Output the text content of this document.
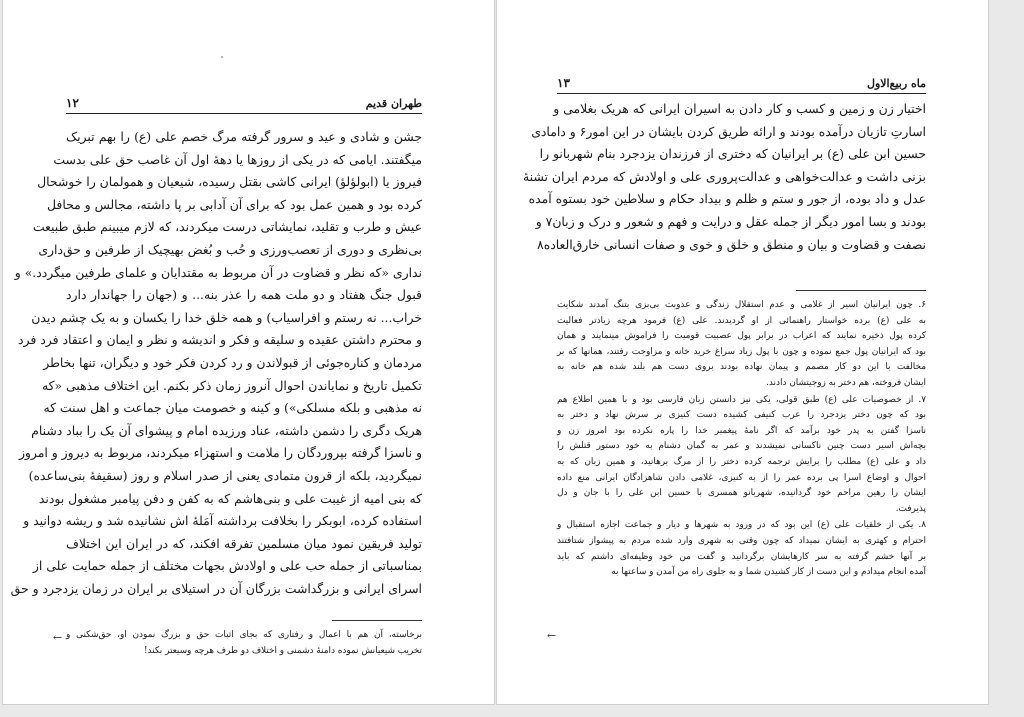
طهران قدیم
۱۲
جشن و شادی و عید و سرور گرفته مرگ خصم علی (ع) را بهم تبریک
میگفتند. ایامی که در یکی از روزها یا دههٔ اول آن غاصب حق علی بدست
فیروز یا (ابولؤلؤ) ایرانی کاشی بقتل رسیده، شیعیان و همولمان را خوشحال
کرده بود و همین عمل بود که برای آن آدابی بر پا داشته، مجالس و محافل
عیش و طرب و تقلید، نمایشاتی درست میکردند، که لازم میبینم طبق طبیعت
بی‌نظری و دوری از تعصب‌ورزی و حُب و بُغض بهیچیک از طرفین و حق‌داری
نداری «که نظر و قضاوت در آن مربوط به مقتدایان و علمای طرفین میگردد.» و
قبول جنگ هفتاد و دو ملت همه را عذر بنه... و (جهان را جهاندار دارد
خراب... نه رستم و افراسیاب) و همه خلق خدا را یکسان و به یک چشم دیدن
و محترم داشتن عقیده و سلیقه و فکر و اندیشه و نظر و ایمان و اعتقاد فرد فرد
مردمان و کناره‌جوئی از قبولاندن و رد کردن فکر خود و دیگران، تنها بخاطر
تکمیل تاریخ و نمایاندن احوال آنروز زمان ذکر بکنم. این اختلاف مذهبی «که
نه مذهبی و بلکه مسلکی») و کینه و خصومت میان جماعت و اهل سنت که
هریک دگری را دشمن داشته، عناد ورزیده امام و پیشوای آن یک را بباد دشنام
و ناسزا گرفته بپروردگان را ملامت و استهزاء میکردند، مربوط به دیروز و امروز
نمیگردید، بلکه از قرون متمادی یعنی از صدر اسلام و روز (سقیفهٔ بنی‌ساعده)
که بنی امیه از غیبت علی و بنی‌هاشم که به کفن و دفن پیامبر مشغول بودند
استفاده کرده، ابوبکر را بخلافت برداشته آمَلهٔ اش نشانیده شد و ریشه دوانید و
تولید فریقین نمود میان مسلمین تفرقه افکند، که در ایران این اختلاف
بمناسباتی از جمله حب علی و اولادش بجهات مختلف از جمله حمایت علی از
اسرای ایرانی و بزرگداشت بزرگان آن در استیلای بر ایران در زمان یزدجرد و حق
برخاسته، آن هم با اعمال و رفتاری که بجای اثبات حق و بزرگ نمودن او، حق‌شکنی و
تخریب شیعیانش نموده دامنهٔ دشمنی و اختلاف دو طرف هرچه وسیعتر بکند!
←
ماه ربیع‌الاول
۱۳
اختیار زن و زمین و کسب و کار دادن به اسیران ایرانی که هریک بغلامی و
اسارتِ تازیان درآمده بودند و ارائه طریق کردن بایشان در این امور۶ و دامادی
حسین ابن علی (ع) بر ایرانیان که دختری از فرزندان یزدجرد بنام شهربانو را
بزنی داشت و عدالت‌خواهی و عدالت‌پروری علی و اولادش که مردم ایران تشنهٔ
عدل و داد بوده، از جور و ستم و ظلم و بیداد حکام و سلاطین خود بستوه آمده
بودند و بسا امور دیگر از جمله عقل و درایت و فهم و شعور و درک و زبان۷ و
نصفت و قضاوت و بیان و منطق و خلق و خوی و صفات انسانی خارق‌العاده۸
۶. چون ایرانیان اسیر از غلامی و عدم استقلال زندگی و عذوبت بی‌بزی بتنگ آمدند شکایت
به علی (ع) برده خواستار راهنمائی از او گردیدند. علی (ع) فرمود هرچه زیادتر فعالیت
کرده پول ذخیره نمایند که اعراب در برابر پول عصبیت قومیت را فراموش مینمایند و همان
بود که ایرانیان پول جمع نموده و چون با پول زیاد سراغ خرید خانه و مزاوجت رفتند، همانها که بر
مخالفت با این دو کار مصمم و پیمان نهاده بودند بروی دست هم بلند شده هم خانه به
ایشان فروخته، هم دختر به زوجیتشان دادند.
۷. از خصوصیات علی (ع) طبق قولی، یکی نیز دانستن زبان فارسی بود و با همین اطلاع هم
بود که چون دختر یزدجرد را عرب کنیفی کشیده دست کنیزی بر سرش نهاد و دختر به
ناسزا گفتن به پدر خود برآمد که اگر نامهٔ پیغمبر خدا را پاره نکرده بود امروز زن و
بچه‌اش اسیر دست چنین ناکسانی نمیشدند و عمر به گمان دشنام به خود دستور قتلش را
داد و علی (ع) مطلب را برایش ترجمه کرده دختر را از مرگ برهانید، و همین زبان که به
احوال و اوضاع اسرا پی برده عمر را از به کنیزی، غلامی دادن شاهزادگان ایرانی منع داده
ایشان را رهین مراحم خود گردانیده، شهربانو همسری با حسین ابن علی را با جان و دل
پذیرفت.
۸. یکی از خلقیات علی (ع) این بود که در ورود به شهرها و دیار و جماعت اجازه استقبال و
احترام و کهتری به ایشان نمیداد که چون وقتی به شهری وارد شده مردم به پیشواز شتافتند
بر آنها خشم گرفته به سر کارهایشان برگردانید و گفت من خود وظیفه‌ای داشتم که باید
آمده انجام میدادم و این دست از کار کشیدن شما و به جلوی راه من آمدن و ساعتها به
←
